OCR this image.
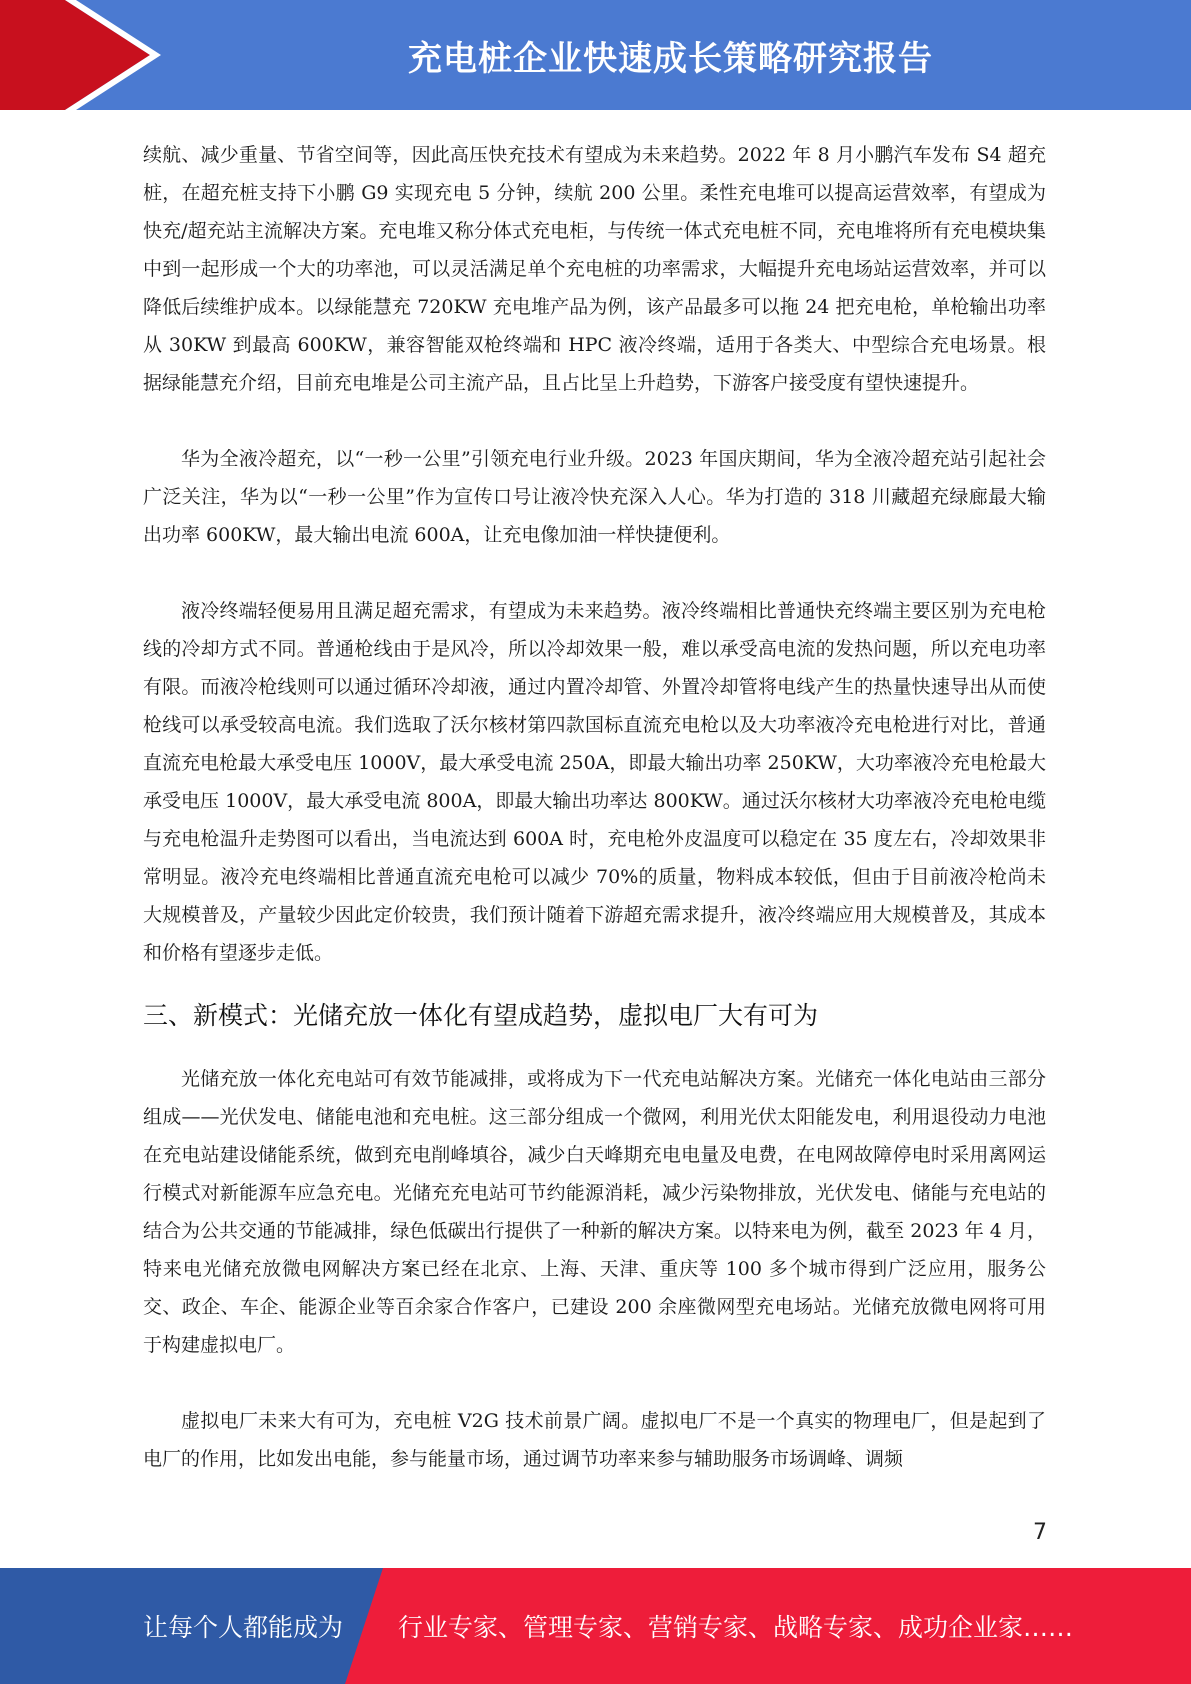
充电桩企业快速成长策略研究报告

续航、减少重量、节省空间等，因此高压快充技术有望成为未来趋势。2022 年 8 月小鹏汽车发布 S4 超充桩，在超充桩支持下小鹏 G9 实现充电 5 分钟，续航 200 公里。柔性充电堆可以提高运营效率，有望成为快充/超充站主流解决方案。充电堆又称分体式充电柜，与传统一体式充电桩不同，充电堆将所有充电模块集中到一起形成一个大的功率池，可以灵活满足单个充电桩的功率需求，大幅提升充电场站运营效率，并可以降低后续维护成本。以绿能慧充 720KW 充电堆产品为例，该产品最多可以拖 24 把充电枪，单枪输出功率从 30KW 到最高 600KW，兼容智能双枪终端和 HPC 液冷终端，适用于各类大、中型综合充电场景。根据绿能慧充介绍，目前充电堆是公司主流产品，且占比呈上升趋势，下游客户接受度有望快速提升。

华为全液冷超充，以“一秒一公里”引领充电行业升级。2023 年国庆期间，华为全液冷超充站引起社会广泛关注，华为以“一秒一公里”作为宣传口号让液冷快充深入人心。华为打造的 318 川藏超充绿廊最大输出功率 600KW，最大输出电流 600A，让充电像加油一样快捷便利。

液冷终端轻便易用且满足超充需求，有望成为未来趋势。液冷终端相比普通快充终端主要区别为充电枪线的冷却方式不同。普通枪线由于是风冷，所以冷却效果一般，难以承受高电流的发热问题，所以充电功率有限。而液冷枪线则可以通过循环冷却液，通过内置冷却管、外置冷却管将电线产生的热量快速导出从而使枪线可以承受较高电流。我们选取了沃尔核材第四款国标直流充电枪以及大功率液冷充电枪进行对比，普通直流充电枪最大承受电压 1000V，最大承受电流 250A，即最大输出功率 250KW，大功率液冷充电枪最大承受电压 1000V，最大承受电流 800A，即最大输出功率达 800KW。通过沃尔核材大功率液冷充电枪电缆与充电枪温升走势图可以看出，当电流达到 600A 时，充电枪外皮温度可以稳定在 35 度左右，冷却效果非常明显。液冷充电终端相比普通直流充电枪可以减少 70%的质量，物料成本较低，但由于目前液冷枪尚未大规模普及，产量较少因此定价较贵，我们预计随着下游超充需求提升，液冷终端应用大规模普及，其成本和价格有望逐步走低。

三、新模式：光储充放一体化有望成趋势，虚拟电厂大有可为

光储充放一体化充电站可有效节能减排，或将成为下一代充电站解决方案。光储充一体化电站由三部分组成——光伏发电、储能电池和充电桩。这三部分组成一个微网，利用光伏太阳能发电，利用退役动力电池在充电站建设储能系统，做到充电削峰填谷，减少白天峰期充电电量及电费，在电网故障停电时采用离网运行模式对新能源车应急充电。光储充充电站可节约能源消耗，减少污染物排放，光伏发电、储能与充电站的结合为公共交通的节能减排，绿色低碳出行提供了一种新的解决方案。以特来电为例，截至 2023 年 4 月，特来电光储充放微电网解决方案已经在北京、上海、天津、重庆等 100 多个城市得到广泛应用，服务公交、政企、车企、能源企业等百余家合作客户，已建设 200 余座微网型充电场站。光储充放微电网将可用于构建虚拟电厂。

虚拟电厂未来大有可为，充电桩 V2G 技术前景广阔。虚拟电厂不是一个真实的物理电厂，但是起到了电厂的作用，比如发出电能，参与能量市场，通过调节功率来参与辅助服务市场调峰、调频

7
让每个人都能成为 行业专家、管理专家、营销专家、战略专家、成功企业家……
